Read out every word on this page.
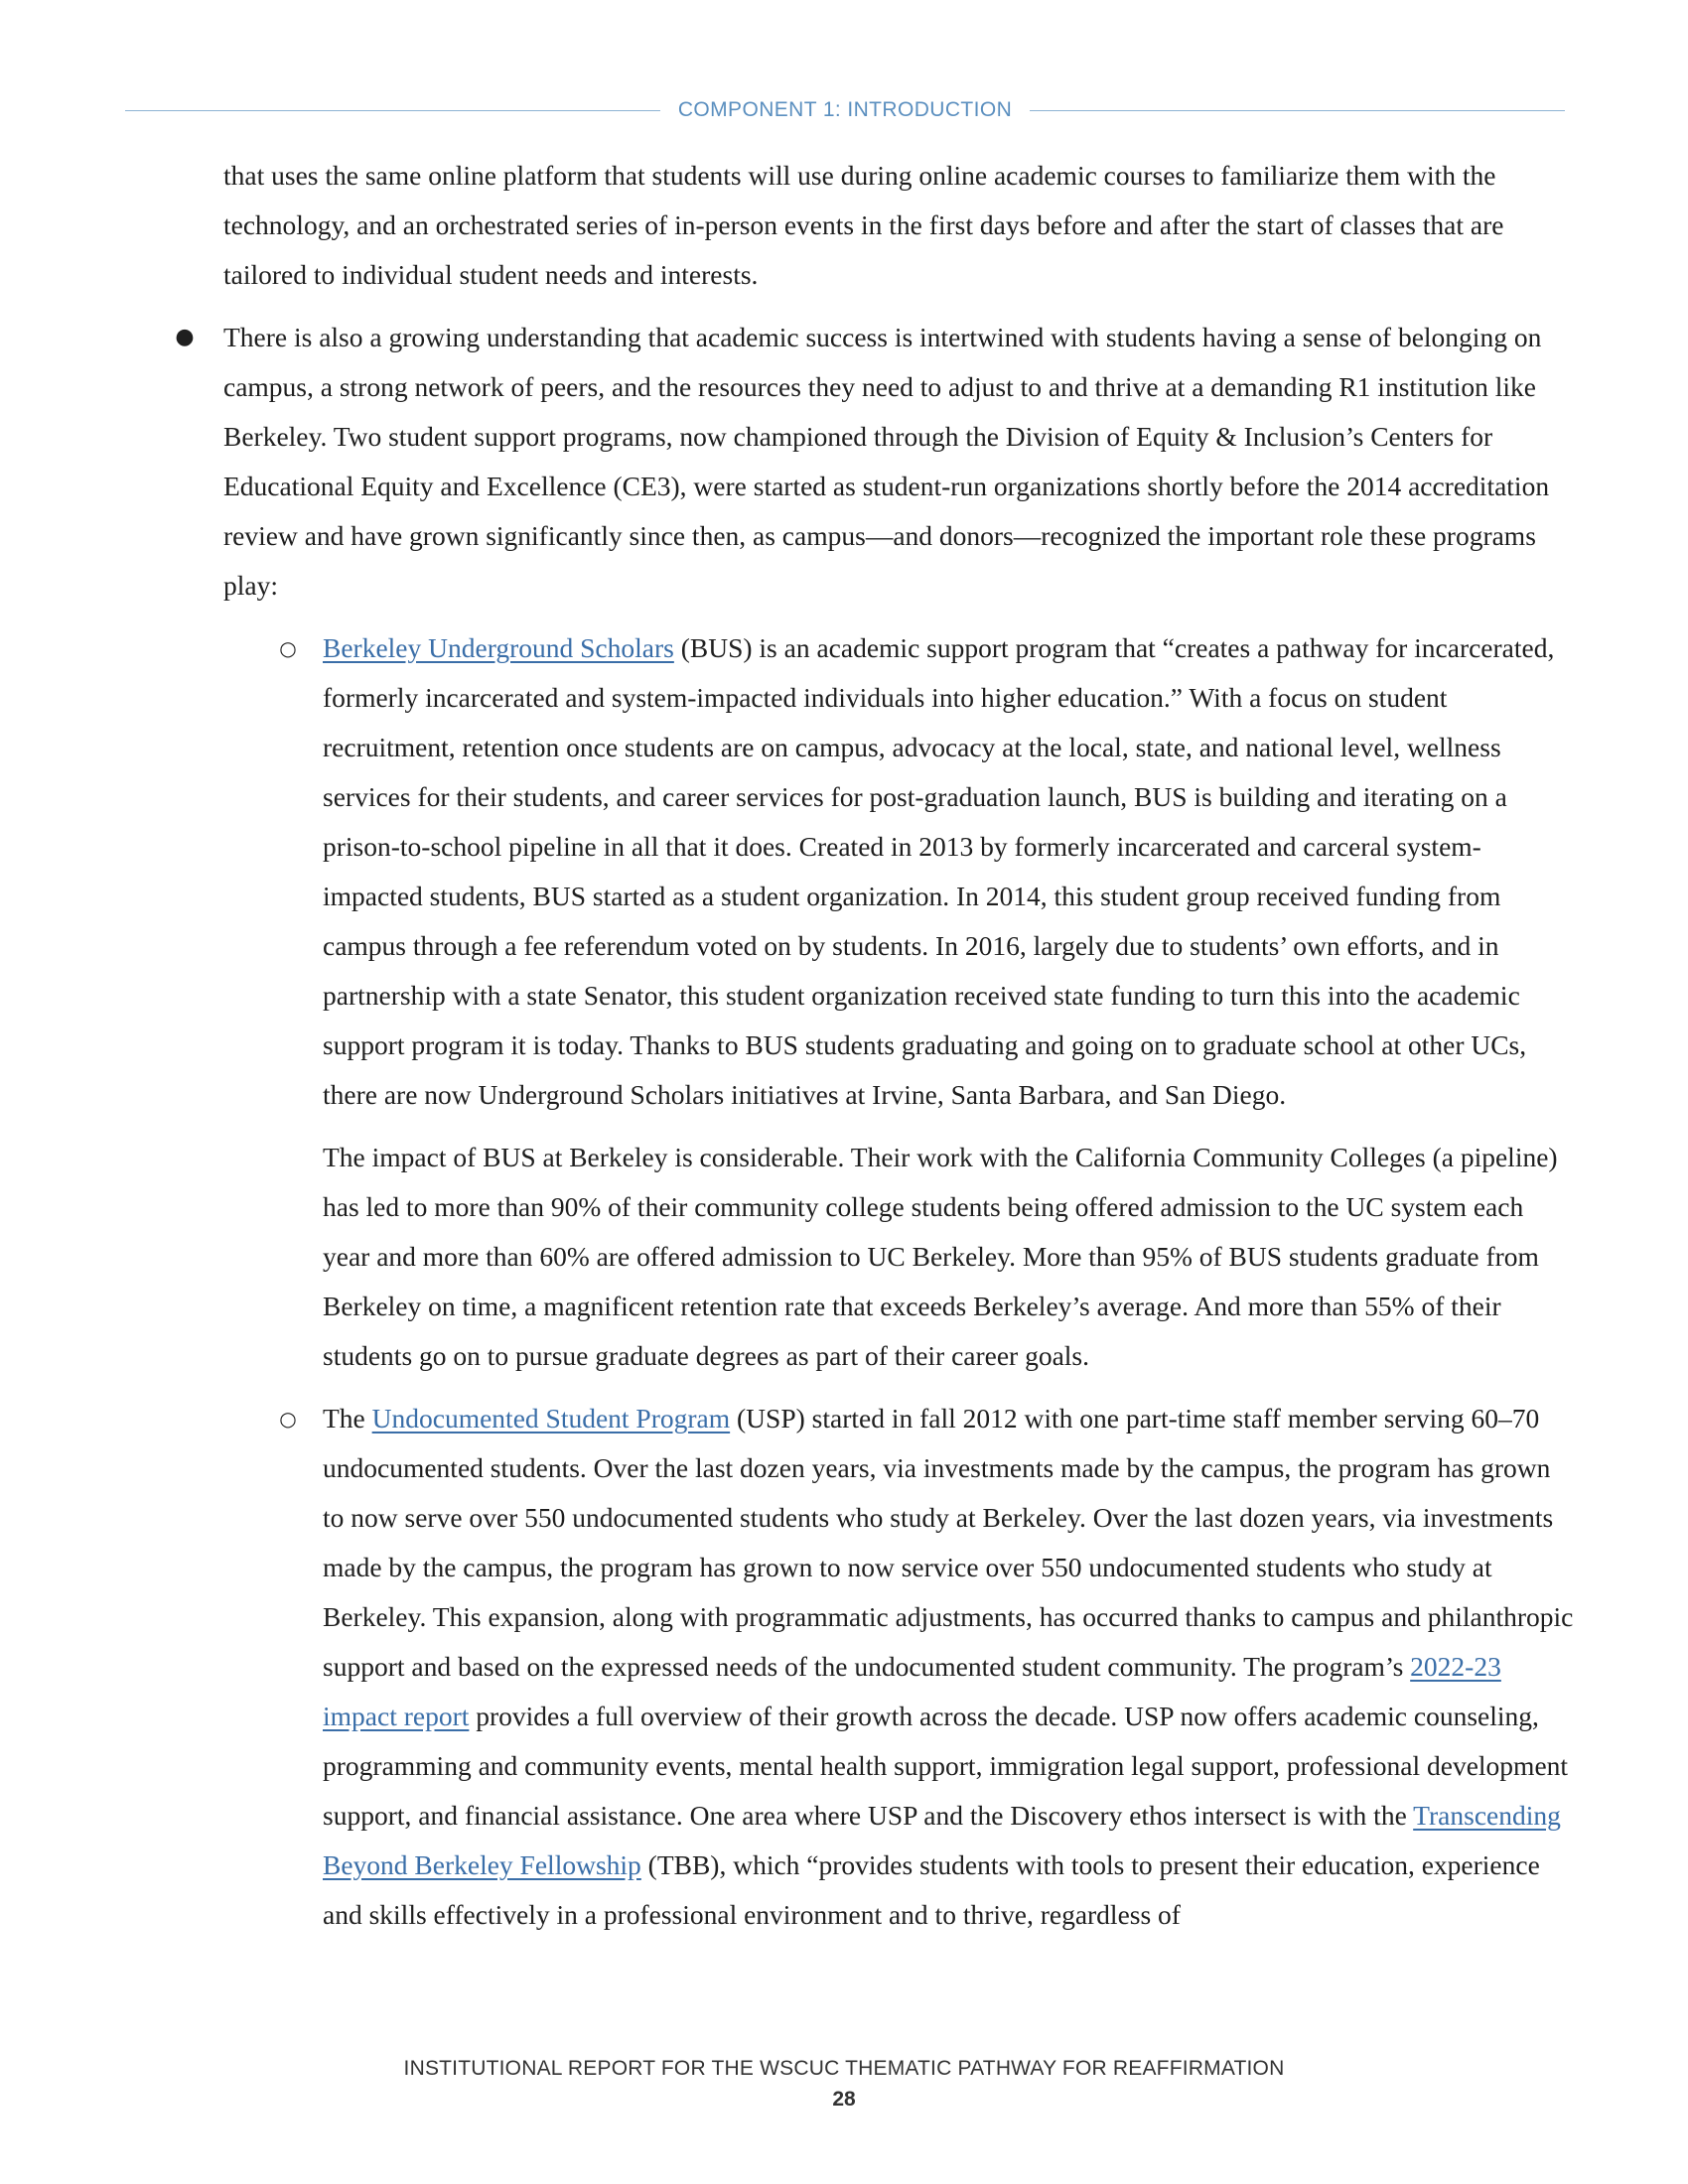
COMPONENT 1: INTRODUCTION

that uses the same online platform that students will use during online academic courses to familiarize them with the technology, and an orchestrated series of in-person events in the first days before and after the start of classes that are tailored to individual student needs and interests.

● There is also a growing understanding that academic success is intertwined with students having a sense of belonging on campus, a strong network of peers, and the resources they need to adjust to and thrive at a demanding R1 institution like Berkeley. Two student support programs, now championed through the Division of Equity & Inclusion’s Centers for Educational Equity and Excellence (CE3), were started as student-run organizations shortly before the 2014 accreditation review and have grown significantly since then, as campus—and donors—recognized the important role these programs play:

○ Berkeley Underground Scholars (BUS) is an academic support program that “creates a pathway for incarcerated, formerly incarcerated and system-impacted individuals into higher education.” With a focus on student recruitment, retention once students are on campus, advocacy at the local, state, and national level, wellness services for their students, and career services for post-graduation launch, BUS is building and iterating on a prison-to-school pipeline in all that it does. Created in 2013 by formerly incarcerated and carceral system-impacted students, BUS started as a student organization. In 2014, this student group received funding from campus through a fee referendum voted on by students. In 2016, largely due to students’ own efforts, and in partnership with a state Senator, this student organization received state funding to turn this into the academic support program it is today. Thanks to BUS students graduating and going on to graduate school at other UCs, there are now Underground Scholars initiatives at Irvine, Santa Barbara, and San Diego.

The impact of BUS at Berkeley is considerable. Their work with the California Community Colleges (a pipeline) has led to more than 90% of their community college students being offered admission to the UC system each year and more than 60% are offered admission to UC Berkeley. More than 95% of BUS students graduate from Berkeley on time, a magnificent retention rate that exceeds Berkeley’s average. And more than 55% of their students go on to pursue graduate degrees as part of their career goals.

○ The Undocumented Student Program (USP) started in fall 2012 with one part-time staff member serving 60–70 undocumented students. Over the last dozen years, via investments made by the campus, the program has grown to now serve over 550 undocumented students who study at Berkeley. Over the last dozen years, via investments made by the campus, the program has grown to now service over 550 undocumented students who study at Berkeley. This expansion, along with programmatic adjustments, has occurred thanks to campus and philanthropic support and based on the expressed needs of the undocumented student community. The program’s 2022-23 impact report provides a full overview of their growth across the decade. USP now offers academic counseling, programming and community events, mental health support, immigration legal support, professional development support, and financial assistance. One area where USP and the Discovery ethos intersect is with the Transcending Beyond Berkeley Fellowship (TBB), which “provides students with tools to present their education, experience and skills effectively in a professional environment and to thrive, regardless of

INSTITUTIONAL REPORT FOR THE WSCUC THEMATIC PATHWAY FOR REAFFIRMATION
28
